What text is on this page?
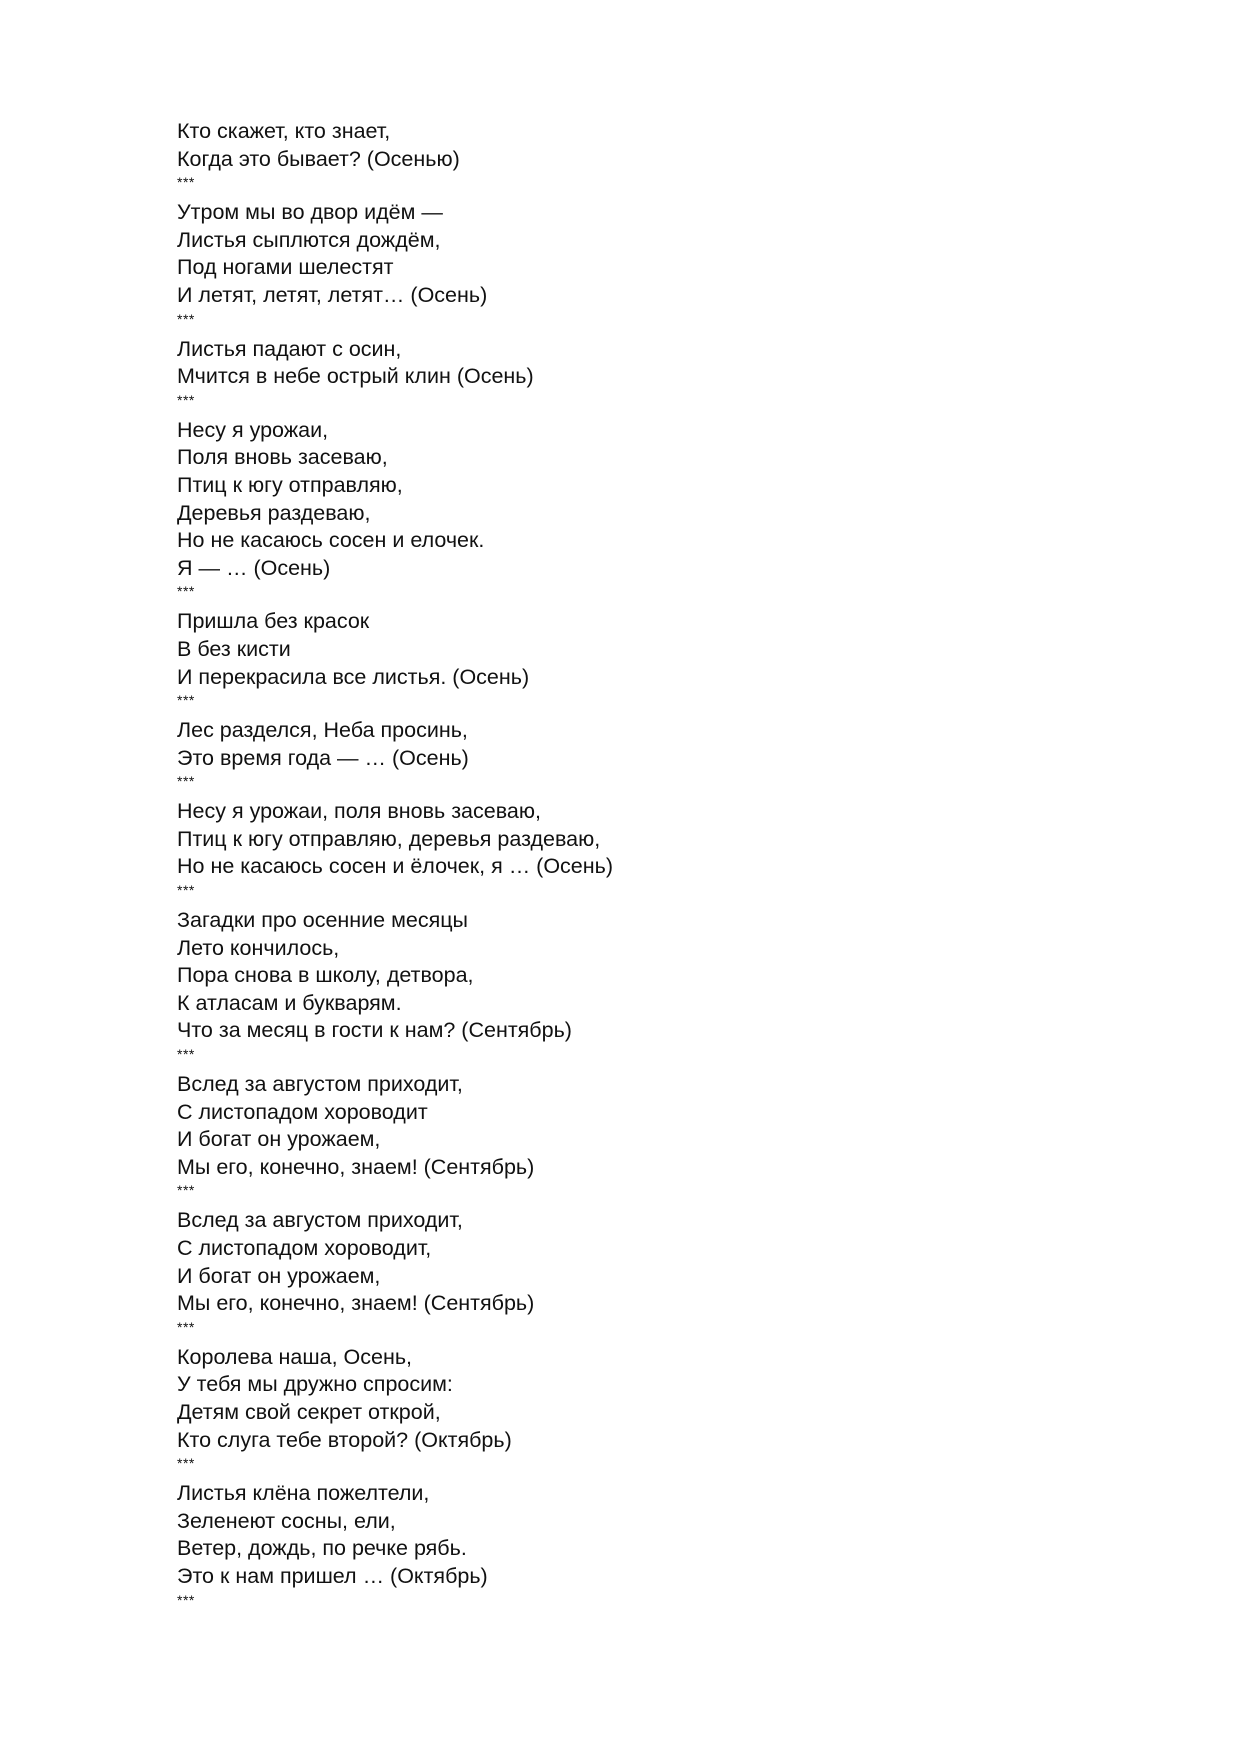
Кто скажет, кто знает,
Когда это бывает? (Осенью)
***
Утром мы во двор идём —
Листья сыплются дождём,
Под ногами шелестят
И летят, летят, летят… (Осень)
***
Листья падают с осин,
Мчится в небе острый клин (Осень)
***
Несу я урожаи,
Поля вновь засеваю,
Птиц к югу отправляю,
Деревья раздеваю,
Но не касаюсь сосен и елочек.
Я — … (Осень)
***
Пришла без красок
В без кисти
И перекрасила все листья. (Осень)
***
Лес разделся, Неба просинь,
Это время года — … (Осень)
***
Несу я урожаи, поля вновь засеваю,
Птиц к югу отправляю, деревья раздеваю,
Но не касаюсь сосен и ёлочек, я … (Осень)
***
Загадки про осенние месяцы
Лето кончилось,
Пора снова в школу, детвора,
К атласам и букварям.
Что за месяц в гости к нам? (Сентябрь)
***
Вслед за августом приходит,
С листопадом хороводит
И богат он урожаем,
Мы его, конечно, знаем! (Сентябрь)
***
Вслед за августом приходит,
С листопадом хороводит,
И богат он урожаем,
Мы его, конечно, знаем! (Сентябрь)
***
Королева наша, Осень,
У тебя мы дружно спросим:
Детям свой секрет открой,
Кто слуга тебе второй? (Октябрь)
***
Листья клёна пожелтели,
Зеленеют сосны, ели,
Ветер, дождь, по речке рябь.
Это к нам пришел … (Октябрь)
***
